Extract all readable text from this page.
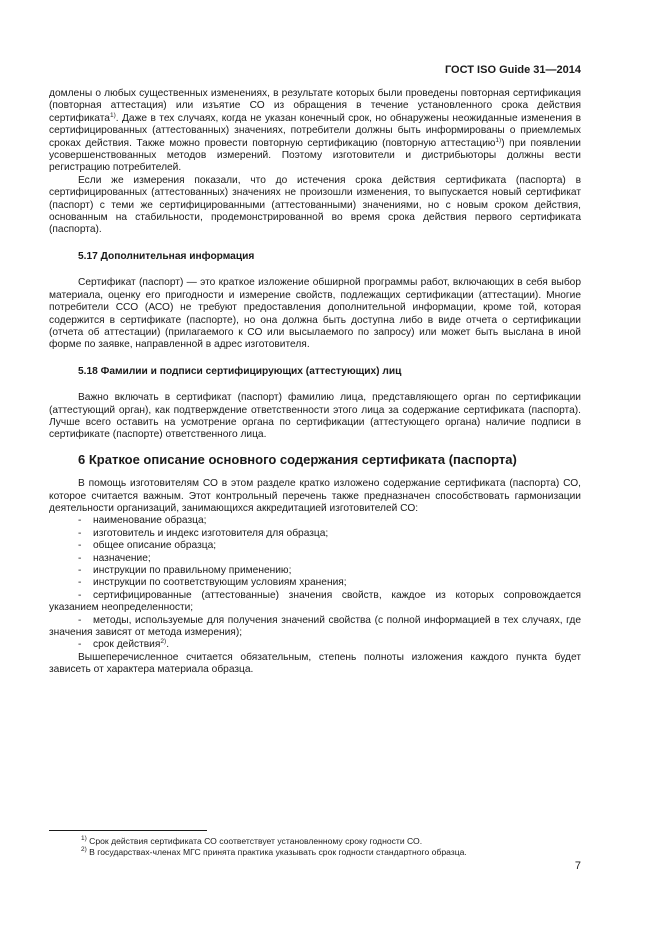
ГОСТ ISO Guide 31—2014

домлены о любых существенных изменениях, в результате которых были проведены повторная сертификация (повторная аттестация) или изъятие СО из обращения в течение установленного срока действия сертификата$^{1)}$. Даже в тех случаях, когда не указан конечный срок, но обнаружены неожиданные изменения в сертифицированных (аттестованных) значениях, потребители должны быть информированы о приемлемых сроках действия. Также можно провести повторную сертификацию (повторную аттестацию$^{1)}$) при появлении усовершенствованных методов измерений. Поэтому изготовители и дистрибьюторы должны вести регистрацию потребителей.

Если же измерения показали, что до истечения срока действия сертификата (паспорта) в сертифицированных (аттестованных) значениях не произошли изменения, то выпускается новый сертификат (паспорт) с теми же сертифицированными (аттестованными) значениями, но с новым сроком действия, основанным на стабильности, продемонстрированной во время срока действия первого сертификата (паспорта).

5.17 Дополнительная информация

Сертификат (паспорт) — это краткое изложение обширной программы работ, включающих в себя выбор материала, оценку его пригодности и измерение свойств, подлежащих сертификации (аттестации). Многие потребители ССО (АСО) не требуют предоставления дополнительной информации, кроме той, которая содержится в сертификате (паспорте), но она должна быть доступна либо в виде отчета о сертификации (отчета об аттестации) (прилагаемого к СО или высылаемого по запросу) или может быть выслана в иной форме по заявке, направленной в адрес изготовителя.

5.18 Фамилии и подписи сертифицирующих (аттестующих) лиц

Важно включать в сертификат (паспорт) фамилию лица, представляющего орган по сертификации (аттестующий орган), как подтверждение ответственности этого лица за содержание сертификата (паспорта). Лучше всего оставить на усмотрение органа по сертификации (аттестующего органа) наличие подписи в сертификате (паспорте) ответственного лица.

6 Краткое описание основного содержания сертификата (паспорта)

В помощь изготовителям СО в этом разделе кратко изложено содержание сертификата (паспорта) СО, которое считается важным. Этот контрольный перечень также предназначен способствовать гармонизации деятельности организаций, занимающихся аккредитацией изготовителей СО:

- наименование образца;
- изготовитель и индекс изготовителя для образца;
- общее описание образца;
- назначение;
- инструкции по правильному применению;
- инструкции по соответствующим условиям хранения;
- сертифицированные (аттестованные) значения свойств, каждое из которых сопровождается указанием неопределенности;
- методы, используемые для получения значений свойства (с полной информацией в тех случаях, где значения зависят от метода измерения);
- срок действия$^{2)}$.

Вышеперечисленное считается обязательным, степень полноты изложения каждого пункта будет зависеть от характера материала образца.

$^{1)}$ Срок действия сертификата СО соответствует установленному сроку годности СО.

$^{2)}$ В государствах-членах МГС принята практика указывать срок годности стандартного образца.

7
